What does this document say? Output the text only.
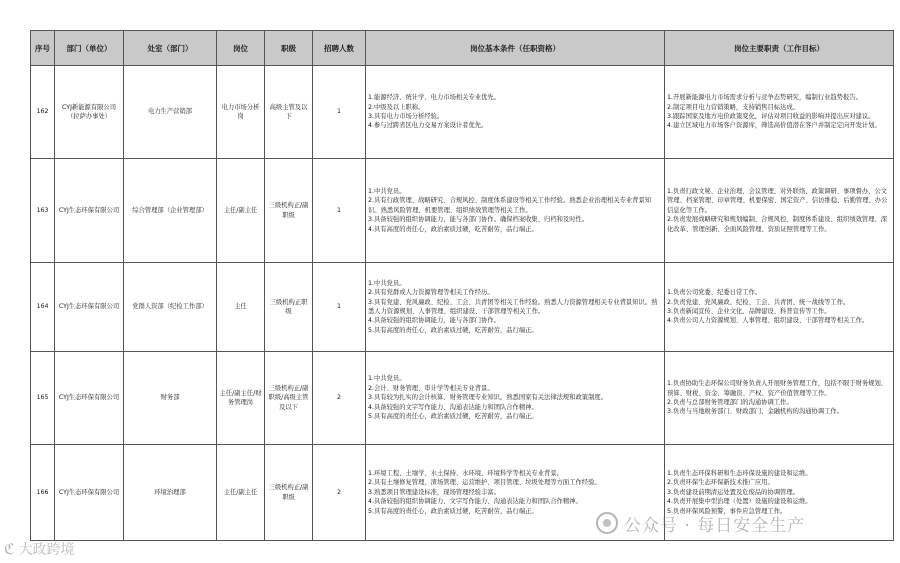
序号	部门（单位）	处室（部门）	岗位	职级	招聘人数	岗位基本条件（任职资格）	岗位主要职责（工作目标）
162	CYJ新能源有限公司（拉萨办事处）	电力生产营销部	电力市场分析岗	高级主管及以下	1	1.能源经济、统计学、电力市场相关专业优先。
2.中级及以上职称。
3.具有电力市场分析经验。
4.参与过跨省区电力交易方案设计者优先。	1.开展新能源电力市场需求分析与竞争态势研究，编制行业趋势报告。
2.制定项目电力营销策略，支持销售目标达成。
3.跟踪国家及地方电价政策变化，评估对项目收益的影响并提出应对建议。
4.建立区域电力市场客户资源库，筛选高价值潜在客户并制定定向开发计划。

163	CYJ生态环保有限公司	综合管理部（企业管理部）	主任/副主任	三级机构正/副职级	1	1.中共党员。
2.具有行政管理、战略研究、合规风控、制度体系建设等相关工作经验。熟悉企业治理相关专业背景知识。熟悉风险管理、机要管理、组织绩效管理等相关工作。
3.具备较强的组织协调能力，能与各部门协作。确保档案收集、归档和及时性。
4.具有高度的责任心，政治素质过硬，吃苦耐劳，品行端正。	1.负责行政文秘、企业治理、会议管理、对外联络、政策调研、事项督办、公文管理、档案管理、印章管理、机要保密、国定资产、信访维稳、后勤管理、办公信息化等工作。
2.负责发展战略研究和规划编制、合规风控、制度体系建设、组织绩效管理、深化改革、管理创新、全面风险管理、资质证照管理等工作。

164	CYJ生态环保有限公司	党群人资部（纪检工作部）	主任	三级机构正职级	1	1.中共党员。
2.具有党群或人力资源管理等相关工作经历。
3.具有党建、党风廉政、纪检、工会、共青团等相关工作经验。熟悉人力资源管理相关专业背景知识。熟悉人力资源规划、人事管理、组织建设、干部管理等相关工作。
4.具备较强的组织协调能力，能与各部门协作。
5.具有高度的责任心，政治素质过硬，吃苦耐劳，品行端正。	1.负责公司党委、纪委日常工作。
2.负责党建、党风廉政、纪检、工会、共青团、统一战线等工作。
3.负责新闻宣传、企业文化、品牌建设、科普宣传等工作。
4.负责公司人力资源规划、人事管理、组织建设、干部管理等相关工作。

165	CYJ生态环保有限公司	财务部	主任/副主任/财务管理岗	三级机构正/副职级/高级主管及以下	2	1.中共党员。
2.会计、财务管理、审计学等相关专业背景。
3.具有较为扎实的会计核算、财务管理专业知识。熟悉国家有关法律法规和政策制度。
4.具备较强的文字写作能力、沟通表达能力和团队合作精神。
5.具有高度的责任心，政治素质过硬，吃苦耐劳，品行端正。	1.负责协助生态环保公司财务负责人开展财务管理工作，包括不限于财务规划、预算、财税、资金、筹融资、产权、资产价值管理等工作。
2.负责与总部财务管理部门的沟通协调工作。
3.负责与当地税务部门、财政部门、金融机构的沟通协调工作。

166	CYJ生态环保有限公司	环境治理部	主任/副主任	三级机构正/副职级	2	1.环境工程、土壤学、水土保持、水环境、环境科学等相关专业背景。
2.具有土壤修复管理、渣场管理、运营维护、项目管理、垃圾处理等方面工作经验。
3.熟悉项目管理建设标准，现场管理经验丰富。
4.具备较强的组织协调能力、文字写作能力、沟通表达能力和团队合作精神。
5.具有高度的责任心，政治素质过硬，吃苦耐劳，品行端正。	1.负责生态环保科研和生态环保设施的建设和运维。
2.负责环保生态环保新技术推广应用。
3.负责建设前期清运处置及危废品的协调管理。
4.负责开展集中型治理（处置）设施的建设和运维。
5.负责环保风险预警，事件应急管理工作。
公众号 · 每日安全生产
ℭ 大政跨境
